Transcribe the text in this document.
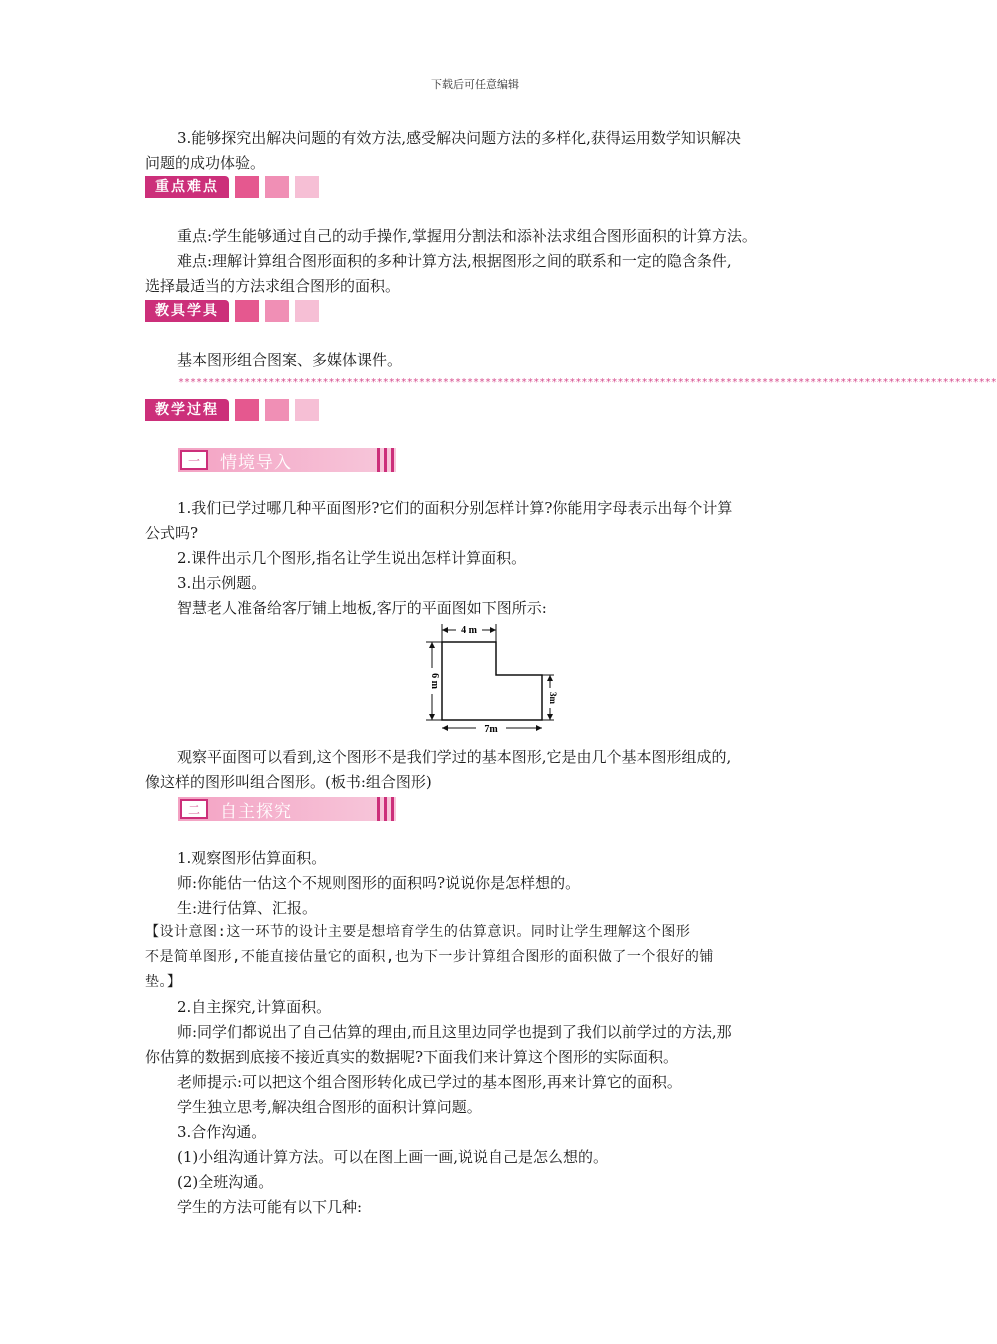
下载后可任意编辑

3.能够探究出解决问题的有效方法,感受解决问题方法的多样化,获得运用数学知识解决

问题的成功体验。

重点难点

重点:学生能够通过自己的动手操作,掌握用分割法和添补法求组合图形面积的计算方法。

难点:理解计算组合图形面积的多种计算方法,根据图形之间的联系和一定的隐含条件,

选择最适当的方法求组合图形的面积。

教具学具

基本图形组合图案、多媒体课件。

****************************************************************************************************************************************
教学过程
一	情境导入

1.我们已学过哪几种平面图形?它们的面积分别怎样计算?你能用字母表示出每个计算

公式吗?

2.课件出示几个图形,指名让学生说出怎样计算面积。

3.出示例题。

智慧老人准备给客厅铺上地板,客厅的平面图如下图所示:

4 m
6 m
7m
3m

观察平面图可以看到,这个图形不是我们学过的基本图形,它是由几个基本图形组成的,

像这样的图形叫组合图形。(板书:组合图形)

二	自主探究

1.观察图形估算面积。

师:你能估一估这个不规则图形的面积吗?说说你是怎样想的。

生:进行估算、汇报。

【设计意图:这一环节的设计主要是想培育学生的估算意识。同时让学生理解这个图形

不是简单图形,不能直接估量它的面积,也为下一步计算组合图形的面积做了一个很好的铺

垫。】

2.自主探究,计算面积。

师:同学们都说出了自己估算的理由,而且这里边同学也提到了我们以前学过的方法,那

你估算的数据到底接不接近真实的数据呢?下面我们来计算这个图形的实际面积。

老师提示:可以把这个组合图形转化成已学过的基本图形,再来计算它的面积。

学生独立思考,解决组合图形的面积计算问题。

3.合作沟通。

(1)小组沟通计算方法。可以在图上画一画,说说自己是怎么想的。

(2)全班沟通。

学生的方法可能有以下几种:
